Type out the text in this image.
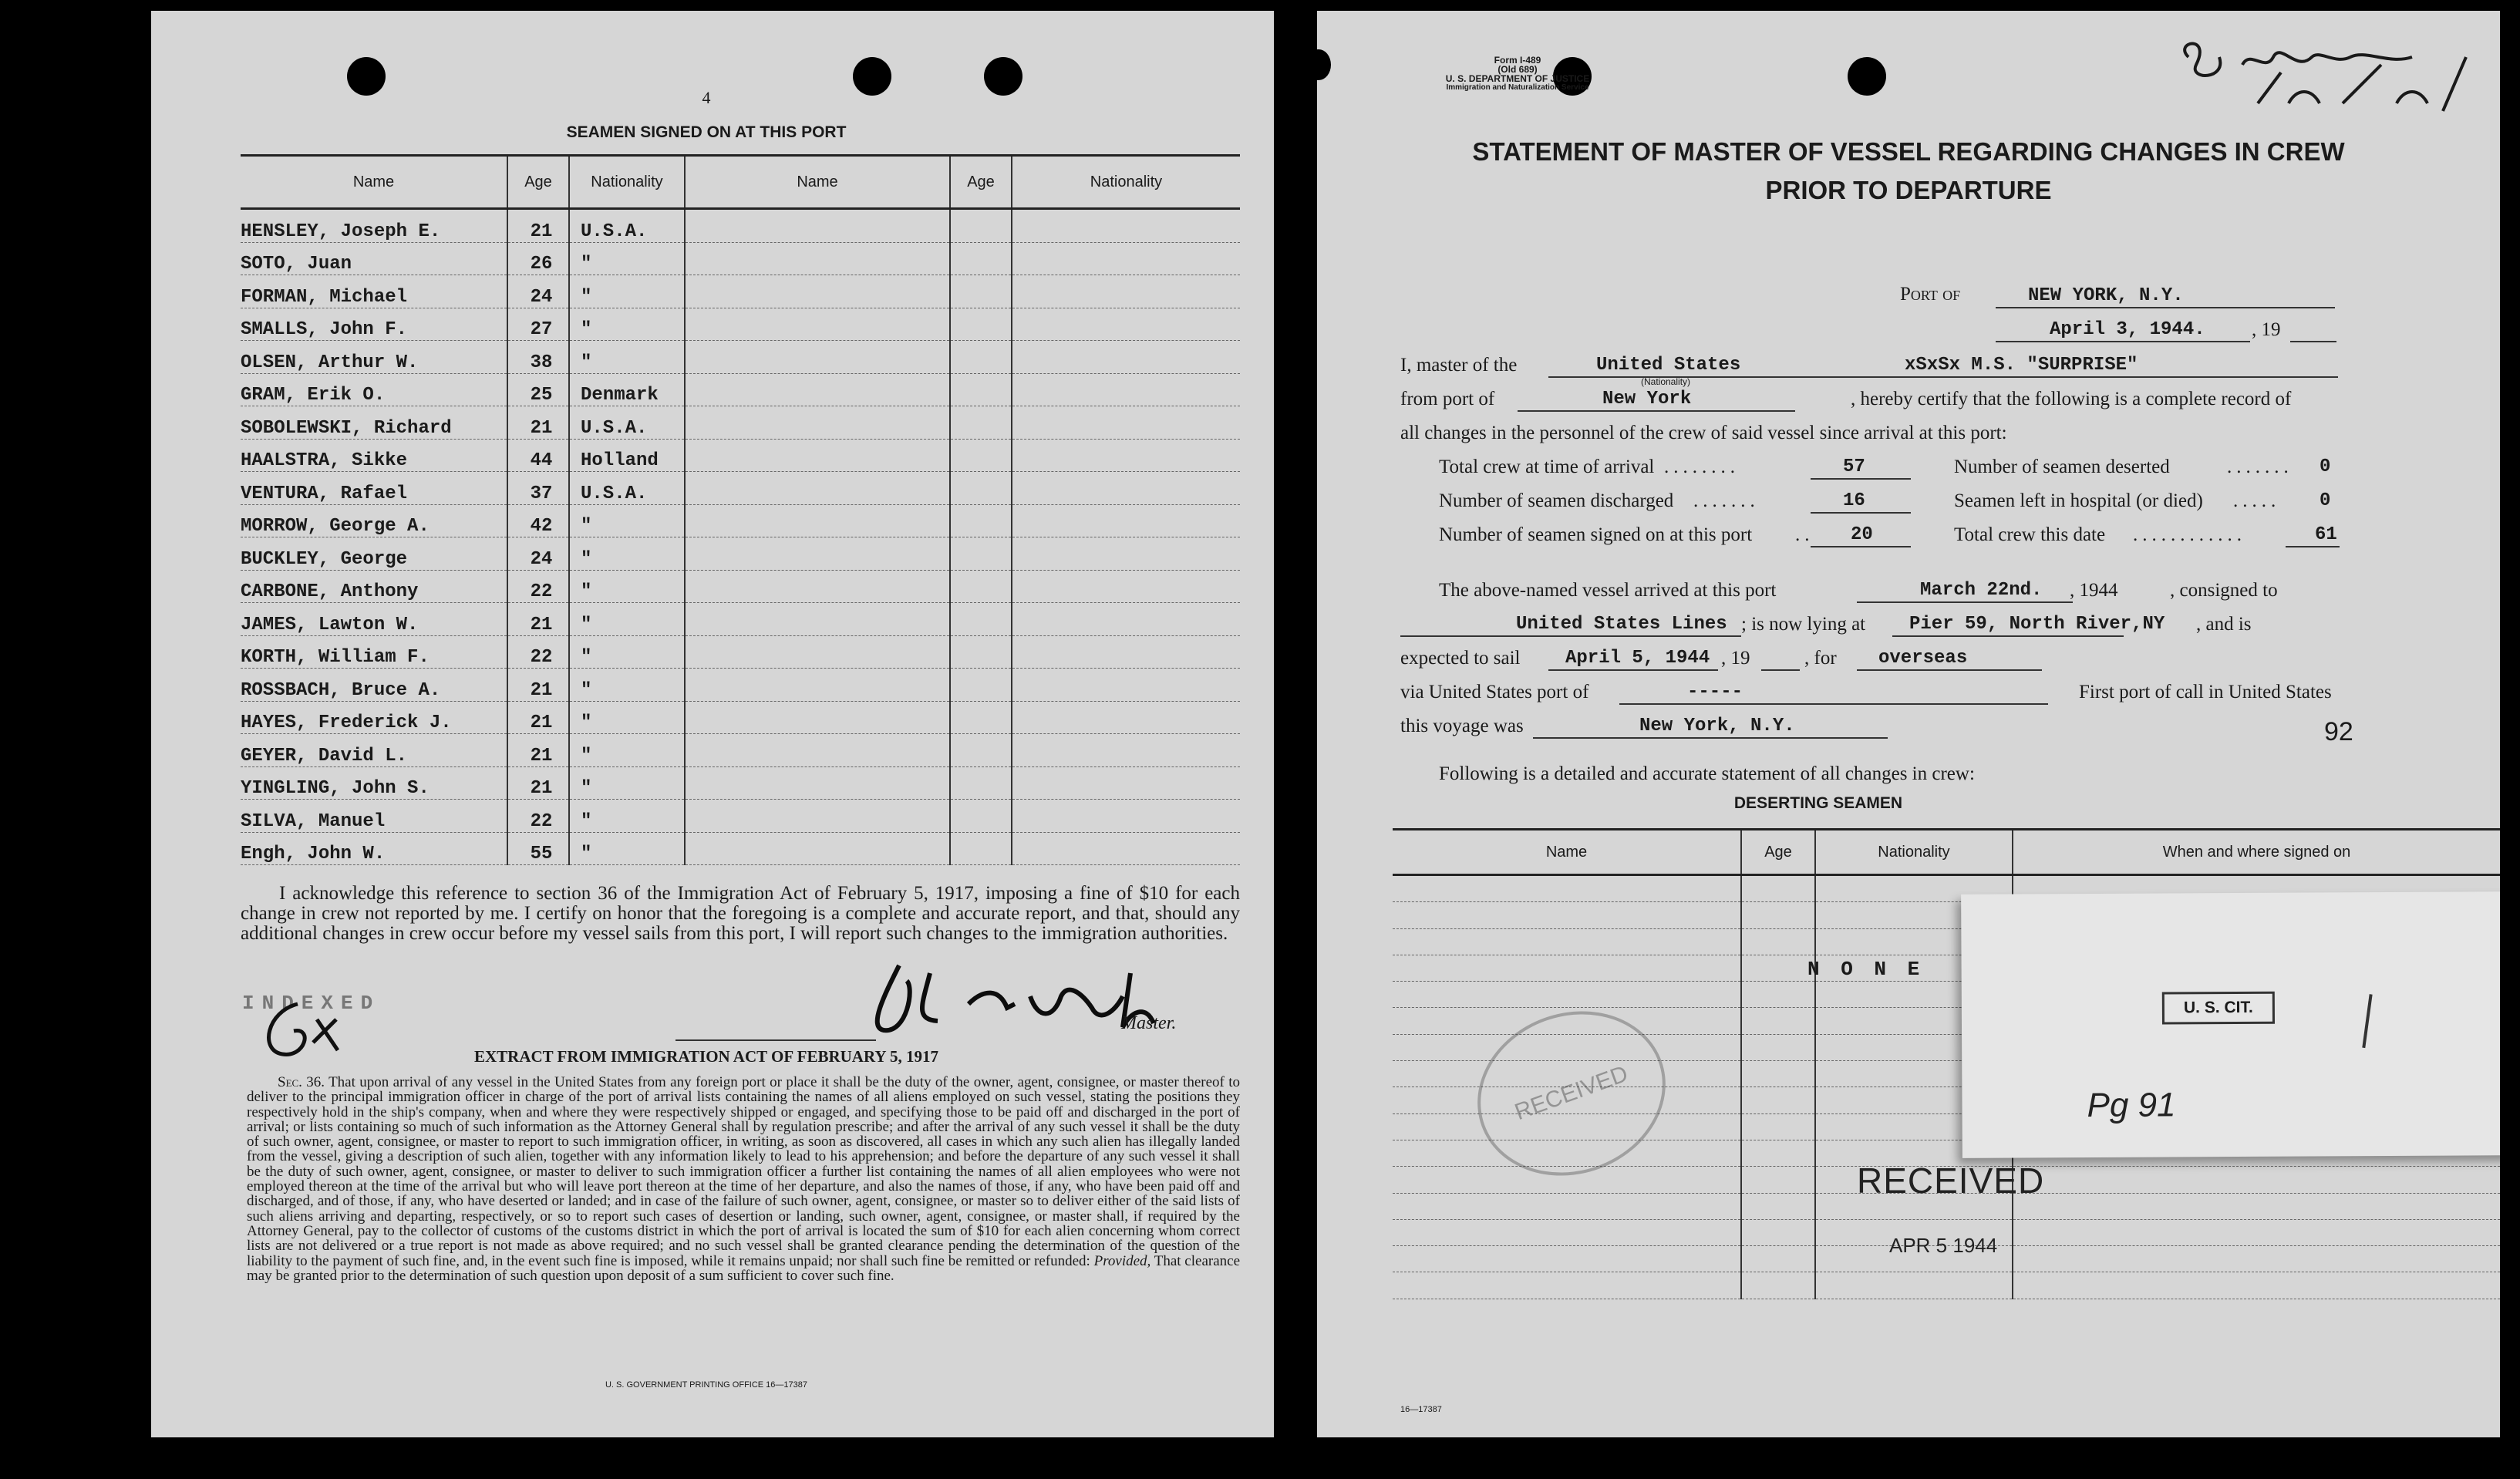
4
SEAMEN SIGNED ON AT THIS PORT
Name	Age	Nationality	Name	Age	Nationality
HENSLEY, Joseph E.	21	U.S.A.			
SOTO, Juan	26	"			
FORMAN, Michael	24	"			
SMALLS, John F.	27	"			
OLSEN, Arthur W.	38	"			
GRAM, Erik O.	25	Denmark			
SOBOLEWSKI, Richard	21	U.S.A.			
HAALSTRA, Sikke	44	Holland			
VENTURA, Rafael	37	U.S.A.			
MORROW, George A.	42	"			
BUCKLEY, George	24	"			
CARBONE, Anthony	22	"			
JAMES, Lawton W.	21	"			
KORTH, William F.	22	"			
ROSSBACH, Bruce A.	21	"			
HAYES, Frederick J.	21	"			
GEYER, David L.	21	"			
YINGLING, John S.	21	"			
SILVA, Manuel	22	"			
Engh, John W.	55	"			
I acknowledge this reference to section 36 of the Immigration Act of February 5, 1917, imposing a fine of $10 for each change in crew not reported by me. I certify on honor that the foregoing is a complete and accurate report, and that, should any additional changes in crew occur before my vessel sails from this port, I will report such changes to the immigration authorities.
INDEXED
Master.
EXTRACT FROM IMMIGRATION ACT OF FEBRUARY 5, 1917
Sec. 36. That upon arrival of any vessel in the United States from any foreign port or place it shall be the duty of the owner, agent, consignee, or master thereof to deliver to the principal immigration officer in charge of the port of arrival lists containing the names of all aliens employed on such vessel, stating the positions they respectively hold in the ship's company, when and where they were respectively shipped or engaged, and specifying those to be paid off and discharged in the port of arrival; or lists containing so much of such information as the Attorney General shall by regulation prescribe; and after the arrival of any such vessel it shall be the duty of such owner, agent, consignee, or master to report to such immigration officer, in writing, as soon as discovered, all cases in which any such alien has illegally landed from the vessel, giving a description of such alien, together with any information likely to lead to his apprehension; and before the departure of any such vessel it shall be the duty of such owner, agent, consignee, or master to deliver to such immigration officer a further list containing the names of all alien employees who were not employed thereon at the time of the arrival but who will leave port thereon at the time of her departure, and also the names of those, if any, who have been paid off and discharged, and of those, if any, who have deserted or landed; and in case of the failure of such owner, agent, consignee, or master so to deliver either of the said lists of such aliens arriving and departing, respectively, or so to report such cases of desertion or landing, such owner, agent, consignee, or master shall, if required by the Attorney General, pay to the collector of customs of the customs district in which the port of arrival is located the sum of $10 for each alien concerning whom correct lists are not delivered or a true report is not made as above required; and no such vessel shall be granted clearance pending the determination of the question of the liability to the payment of such fine, and, in the event such fine is imposed, while it remains unpaid; nor shall such fine be remitted or refunded: Provided, That clearance may be granted prior to the determination of such question upon deposit of a sum sufficient to cover such fine.
U. S. GOVERNMENT PRINTING OFFICE 16—17387
Form I-489
(Old 689)
U. S. DEPARTMENT OF JUSTICE
Immigration and Naturalization Service
STATEMENT OF MASTER OF VESSEL REGARDING CHANGES IN CREW
PRIOR TO DEPARTURE
Port of	NEW YORK, N.Y.
April 3, 1944. , 19
I, master of the	United States
(Nationality)
xSxSx M.S. "SURPRISE"
from port of	New York	, hereby certify that the following is a complete record of
all changes in the personnel of the crew of said vessel since arrival at this port:
Total crew at time of arrival ........	57
Number of seamen discharged .......	16
Number of seamen signed on at this port .. 20
Number of seamen deserted	....... 0
Seamen left in hospital (or died) ..... 0
Total crew this date ............	61
The above-named vessel arrived at this port	March 22nd. , 1944	, consigned to
United States Lines ; is now lying at Pier 59, North River,NY , and is
expected to sail April 5, 1944 , 19	, for overseas
via United States port of	-----	First port of call in United States
this voyage was	New York, N.Y.	92
Following is a detailed and accurate statement of all changes in crew:
DESERTING SEAMEN
Name	Age	Nationality	When and where signed on

N O N E
RECEIVED
RECEIVED
APR 5 1944
U. S. CIT.
Pg 91
16—17387
